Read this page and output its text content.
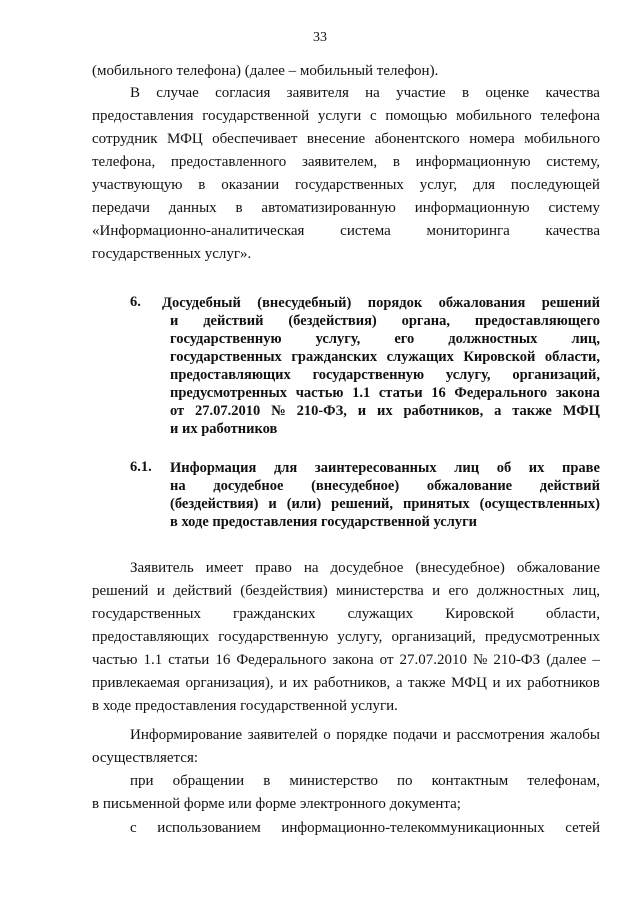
33
(мобильного телефона) (далее – мобильный телефон).
В случае согласия заявителя на участие в оценке качества
предоставления государственной услуги с помощью мобильного телефона
сотрудник МФЦ обеспечивает внесение абонентского номера мобильного
телефона, предоставленного заявителем, в информационную систему,
участвующую в оказании государственных услуг, для последующей
передачи данных в автоматизированную информационную систему
«Информационно-аналитическая система мониторинга качества
государственных услуг».
6. Досудебный (внесудебный) порядок обжалования решений
и действий (бездействия) органа, предоставляющего
государственную услугу, его должностных лиц,
государственных гражданских служащих Кировской области,
предоставляющих государственную услугу, организаций,
предусмотренных частью 1.1 статьи 16 Федерального закона
от 27.07.2010 № 210-ФЗ, и их работников, а также МФЦ
и их работников
6.1. Информация для заинтересованных лиц об их праве
на досудебное (внесудебное) обжалование действий
(бездействия) и (или) решений, принятых (осуществленных)
в ходе предоставления государственной услуги
Заявитель имеет право на досудебное (внесудебное) обжалование
решений и действий (бездействия) министерства и его должностных лиц,
государственных гражданских служащих Кировской области,
предоставляющих государственную услугу, организаций, предусмотренных
частью 1.1 статьи 16 Федерального закона от 27.07.2010 № 210-ФЗ (далее –
привлекаемая организация), и их работников, а также МФЦ и их работников
в ходе предоставления государственной услуги.
Информирование заявителей о порядке подачи и рассмотрения жалобы
осуществляется:
при обращении в министерство по контактным телефонам,
в письменной форме или форме электронного документа;
с использованием информационно-телекоммуникационных сетей
